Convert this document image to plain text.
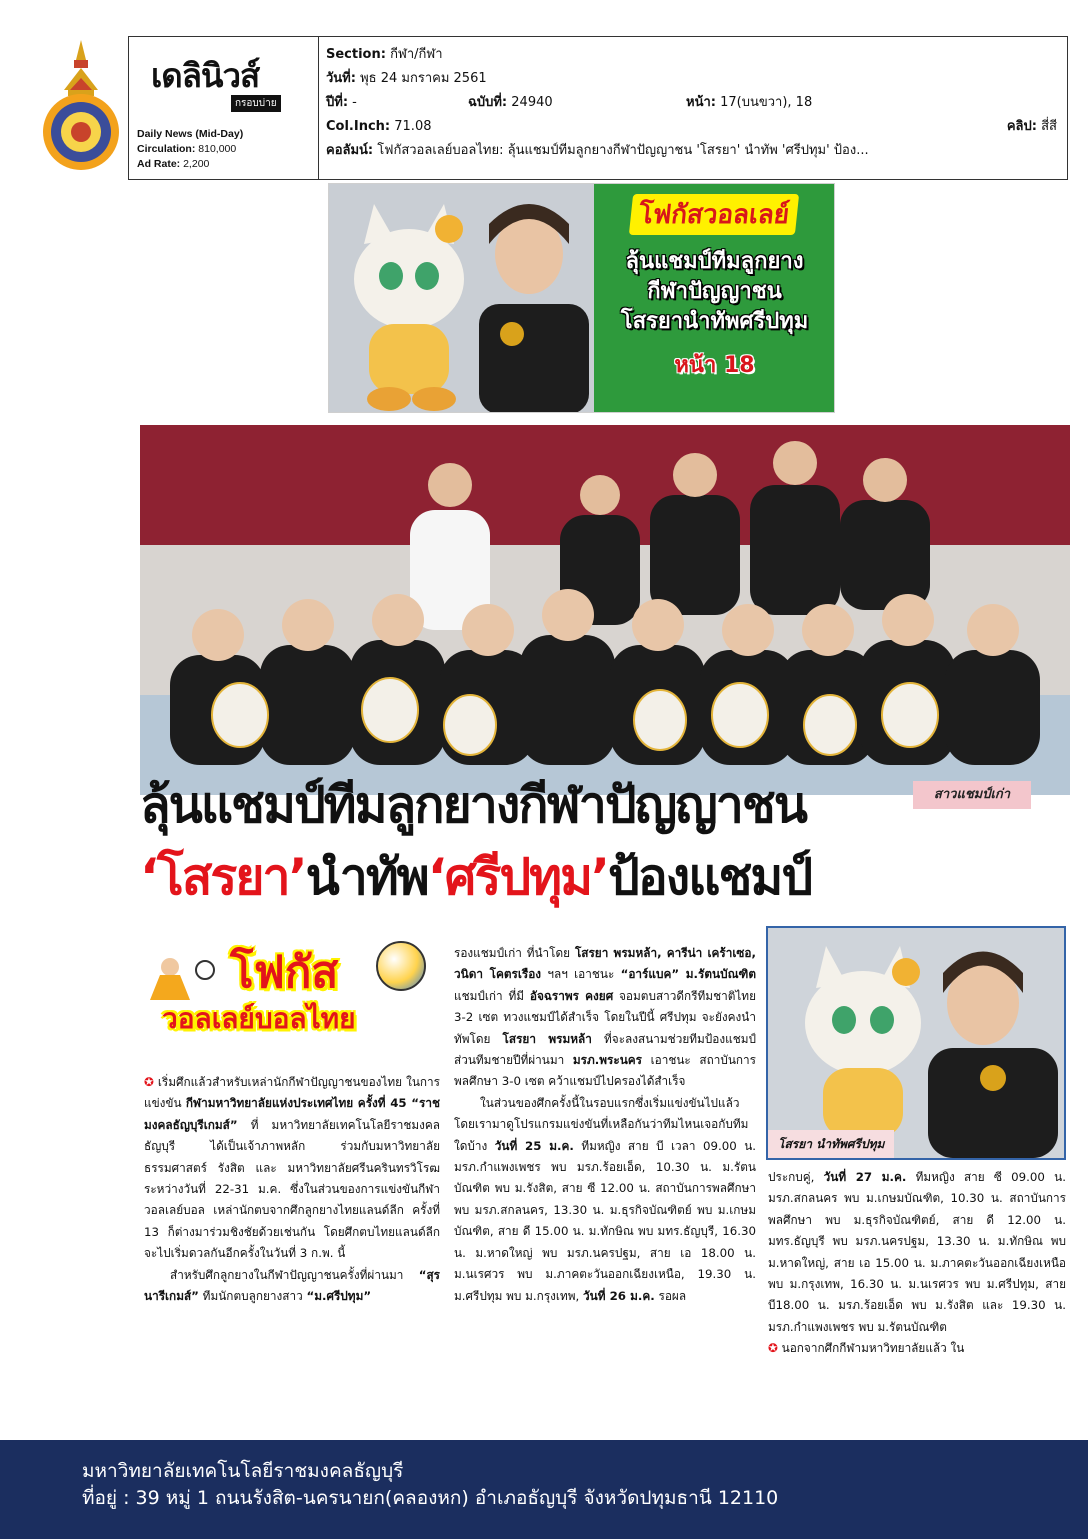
เดลินิวส์
กรอบบ่าย
Daily News (Mid-Day)
Circulation: 810,000
Ad Rate: 2,200
Section: กีฬา/กีฬา
วันที่: พุธ 24 มกราคม 2561
ปีที่: -	ฉบับที่: 24940	หน้า: 17(บนขวา), 18
Col.Inch: 71.08	คลิป: สี่สี
คอลัมน์: โฟกัสวอลเลย์บอลไทย: ลุ้นแชมป์ทีมลูกยางกีฬาปัญญาชน 'โสรยา' นำทัพ 'ศรีปทุม' ป้อง...
โฟกัสวอลเลย์
ลุ้นแชมป์ทีมลูกยาง
กีฬาปัญญาชน
โสรยานำทัพศรีปทุม
หน้า 18
ลุ้นแชมป์ทีมลูกยางกีฬาปัญญาชน
‘โสรยา’นำทัพ‘ศรีปทุม’ป้องแชมป์
สาวแชมป์เก่า
โฟกัส
วอลเลย์บอลไทย

✪ เริ่มศึกแล้วสำหรับเหล่านักกีฬาปัญญาชนของไทย ในการแข่งขัน กีฬามหาวิทยาลัยแห่งประเทศไทย ครั้งที่ 45 “ราชมงคลธัญบุรีเกมส์” ที่ มหาวิทยาลัยเทคโนโลยีราชมงคลธัญบุรี ได้เป็นเจ้าภาพหลัก ร่วมกับมหาวิทยาลัยธรรมศาสตร์ รังสิต และ มหาวิทยาลัยศรีนครินทรวิโรฒ ระหว่างวันที่ 22-31 ม.ค. ซึ่งในส่วนของการแข่งขันกีฬาวอลเลย์บอล เหล่านักตบจากศึกลูกยางไทยแลนด์ลีก ครั้งที่ 13 ก็ต่างมาร่วมชิงชัยด้วยเช่นกัน โดยศึกตบไทยแลนด์ลีกจะไปเริ่มดวลกันอีกครั้งในวันที่ 3 ก.พ. นี้

สำหรับศึกลูกยางในกีฬาปัญญาชนครั้งที่ผ่านมา “สุรนารีเกมส์” ทีมนักตบลูกยางสาว “ม.ศรีปทุม”

รองแชมป์เก่า ที่นำโดย โสรยา พรมหล้า, คารีน่า เคร้าเซอ, วนิดา โคตรเรือง ฯลฯ เอาชนะ “อาร์แบค” ม.รัตนบัณฑิต แชมป์เก่า ที่มี อัจฉราพร คงยศ จอมตบสาวดีกรีทีมชาติไทย 3-2 เซต ทวงแชมป์ได้สำเร็จ โดยในปีนี้ ศรีปทุม จะยังคงนำทัพโดย โสรยา พรมหล้า ที่จะลงสนามช่วยทีมป้องแชมป์ ส่วนทีมชายปีที่ผ่านมา มรภ.พระนคร เอาชนะ สถาบันการพลศึกษา 3-0 เซต คว้าแชมป์ไปครองได้สำเร็จ

ในส่วนของศึกครั้งนี้ในรอบแรกซึ่งเริ่มแข่งขันไปแล้ว โดยเรามาดูโปรแกรมแข่งขันที่เหลือกันว่าทีมไหนเจอกับทีมใดบ้าง วันที่ 25 ม.ค. ทีมหญิง สาย บี เวลา 09.00 น. มรภ.กำแพงเพชร พบ มรภ.ร้อยเอ็ด, 10.30 น. ม.รัตนบัณฑิต พบ ม.รังสิต, สาย ซี 12.00 น. สถาบันการพลศึกษา พบ มรภ.สกลนคร, 13.30 น. ม.ธุรกิจบัณฑิตย์ พบ ม.เกษมบัณฑิต, สาย ดี 15.00 น. ม.ทักษิณ พบ มทร.ธัญบุรี, 16.30 น. ม.หาดใหญ่ พบ มรภ.นครปฐม, สาย เอ 18.00 น. ม.นเรศวร พบ ม.ภาคตะวันออกเฉียงเหนือ, 19.30 น. ม.ศรีปทุม พบ ม.กรุงเทพ, วันที่ 26 ม.ค. รอผล

โสรยา นำทัพศรีปทุม

ประกบคู่, วันที่ 27 ม.ค. ทีมหญิง สาย ซี 09.00 น. มรภ.สกลนคร พบ ม.เกษมบัณฑิต, 10.30 น. สถาบันการพลศึกษา พบ ม.ธุรกิจบัณฑิตย์, สาย ดี 12.00 น. มทร.ธัญบุรี พบ มรภ.นครปฐม, 13.30 น. ม.ทักษิณ พบ ม.หาดใหญ่, สาย เอ 15.00 น. ม.ภาคตะวันออกเฉียงเหนือ พบ ม.กรุงเทพ, 16.30 น. ม.นเรศวร พบ ม.ศรีปทุม, สาย บี18.00 น. มรภ.ร้อยเอ็ด พบ ม.รังสิต และ 19.30 น. มรภ.กำแพงเพชร พบ ม.รัตนบัณฑิต

✪ นอกจากศึกกีฬามหาวิทยาลัยแล้ว ใน

มหาวิทยาลัยเทคโนโลยีราชมงคลธัญบุรี
ที่อยู่ : 39 หมู่ 1 ถนนรังสิต-นครนายก(คลองหก) อำเภอธัญบุรี จังหวัดปทุมธานี 12110
